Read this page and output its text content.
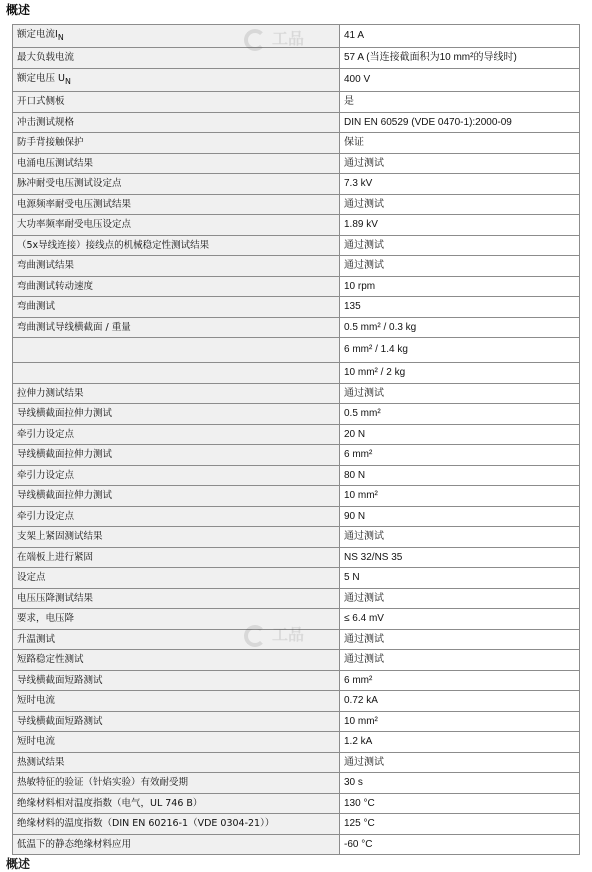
概述
额定电流$I_N$	41 A
最大负载电流	57 A (当连接截面积为10 mm²的导线时)
额定电压 $U_N$	400 V
开口式侧板	是
冲击测试规格	DIN EN 60529 (VDE 0470-1):2000-09
防手背接触保护	保证
电涌电压测试结果	通过测试
脉冲耐受电压测试设定点	7.3 kV
电源频率耐受电压测试结果	通过测试
大功率频率耐受电压设定点	1.89 kV
（5x导线连接）接线点的机械稳定性测试结果	通过测试
弯曲测试结果	通过测试
弯曲测试转动速度	10 rpm
弯曲测试	135
弯曲测试导线横截面 / 重量	0.5 mm² / 0.3 kg
	6 mm² / 1.4 kg
	10 mm² / 2 kg
拉伸力测试结果	通过测试
导线横截面拉伸力测试	0.5 mm²
牵引力设定点	20 N
导线横截面拉伸力测试	6 mm²
牵引力设定点	80 N
导线横截面拉伸力测试	10 mm²
牵引力设定点	90 N
支架上紧固测试结果	通过测试
在端板上进行紧固	NS 32/NS 35
设定点	5 N
电压压降测试结果	通过测试
要求，电压降	≤ 6.4 mV
升温测试	通过测试
短路稳定性测试	通过测试
导线横截面短路测试	6 mm²
短时电流	0.72 kA
导线横截面短路测试	10 mm²
短时电流	1.2 kA
热测试结果	通过测试
热敏特征的验证（针焰实验）有效耐受期	30 s
绝缘材料相对温度指数（电气，UL 746 B）	130 °C
绝缘材料的温度指数（DIN EN 60216-1（VDE 0304-21））	125 °C
低温下的静态绝缘材料应用	-60 °C
概述
